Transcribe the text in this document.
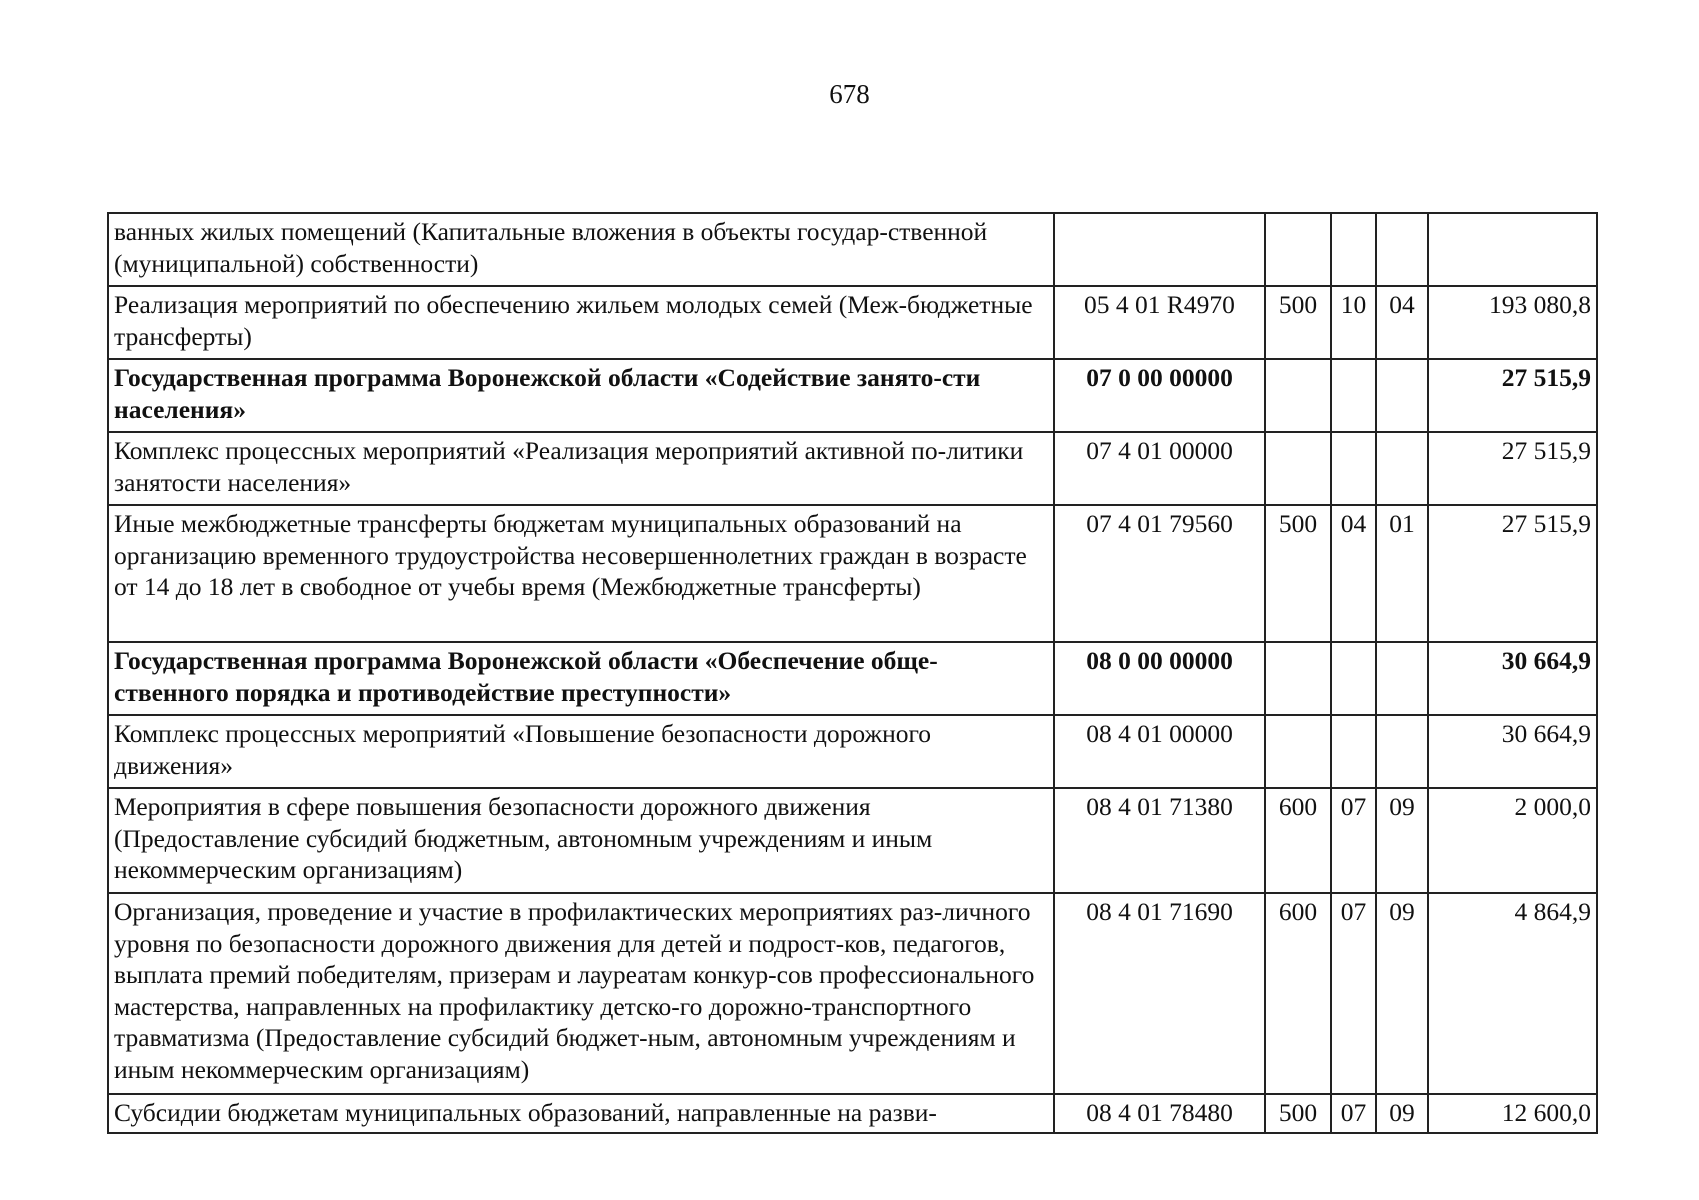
678
ванных жилых помещений (Капитальные вложения в объекты государ-ственной (муниципальной) собственности)					
Реализация мероприятий по обеспечению жильем молодых семей (Меж-бюджетные трансферты)	05 4 01 R4970	500	10	04	193 080,8
Государственная программа Воронежской области «Содействие занято-сти населения»	07 0 00 00000				27 515,9
Комплекс процессных мероприятий «Реализация мероприятий активной по-литики занятости населения»	07 4 01 00000				27 515,9
Иные межбюджетные трансферты бюджетам муниципальных образований на организацию временного трудоустройства несовершеннолетних граждан в возрасте от 14 до 18 лет в свободное от учебы время (Межбюджетные трансферты)	07 4 01 79560	500	04	01	27 515,9
Государственная программа Воронежской области «Обеспечение обще-ственного порядка и противодействие преступности»	08 0 00 00000				30 664,9
Комплекс процессных мероприятий «Повышение безопасности дорожного движения»	08 4 01 00000				30 664,9
Мероприятия в сфере повышения безопасности дорожного движения (Предоставление субсидий бюджетным, автономным учреждениям и иным некоммерческим организациям)	08 4 01 71380	600	07	09	2 000,0
Организация, проведение и участие в профилактических мероприятиях раз-личного уровня по безопасности дорожного движения для детей и подрост-ков, педагогов, выплата премий победителям, призерам и лауреатам конкур-сов профессионального мастерства, направленных на профилактику детско-го дорожно-транспортного травматизма (Предоставление субсидий бюджет-ным, автономным учреждениям и иным некоммерческим организациям)	08 4 01 71690	600	07	09	4 864,9
Субсидии бюджетам муниципальных образований, направленные на разви-	08 4 01 78480	500	07	09	12 600,0
